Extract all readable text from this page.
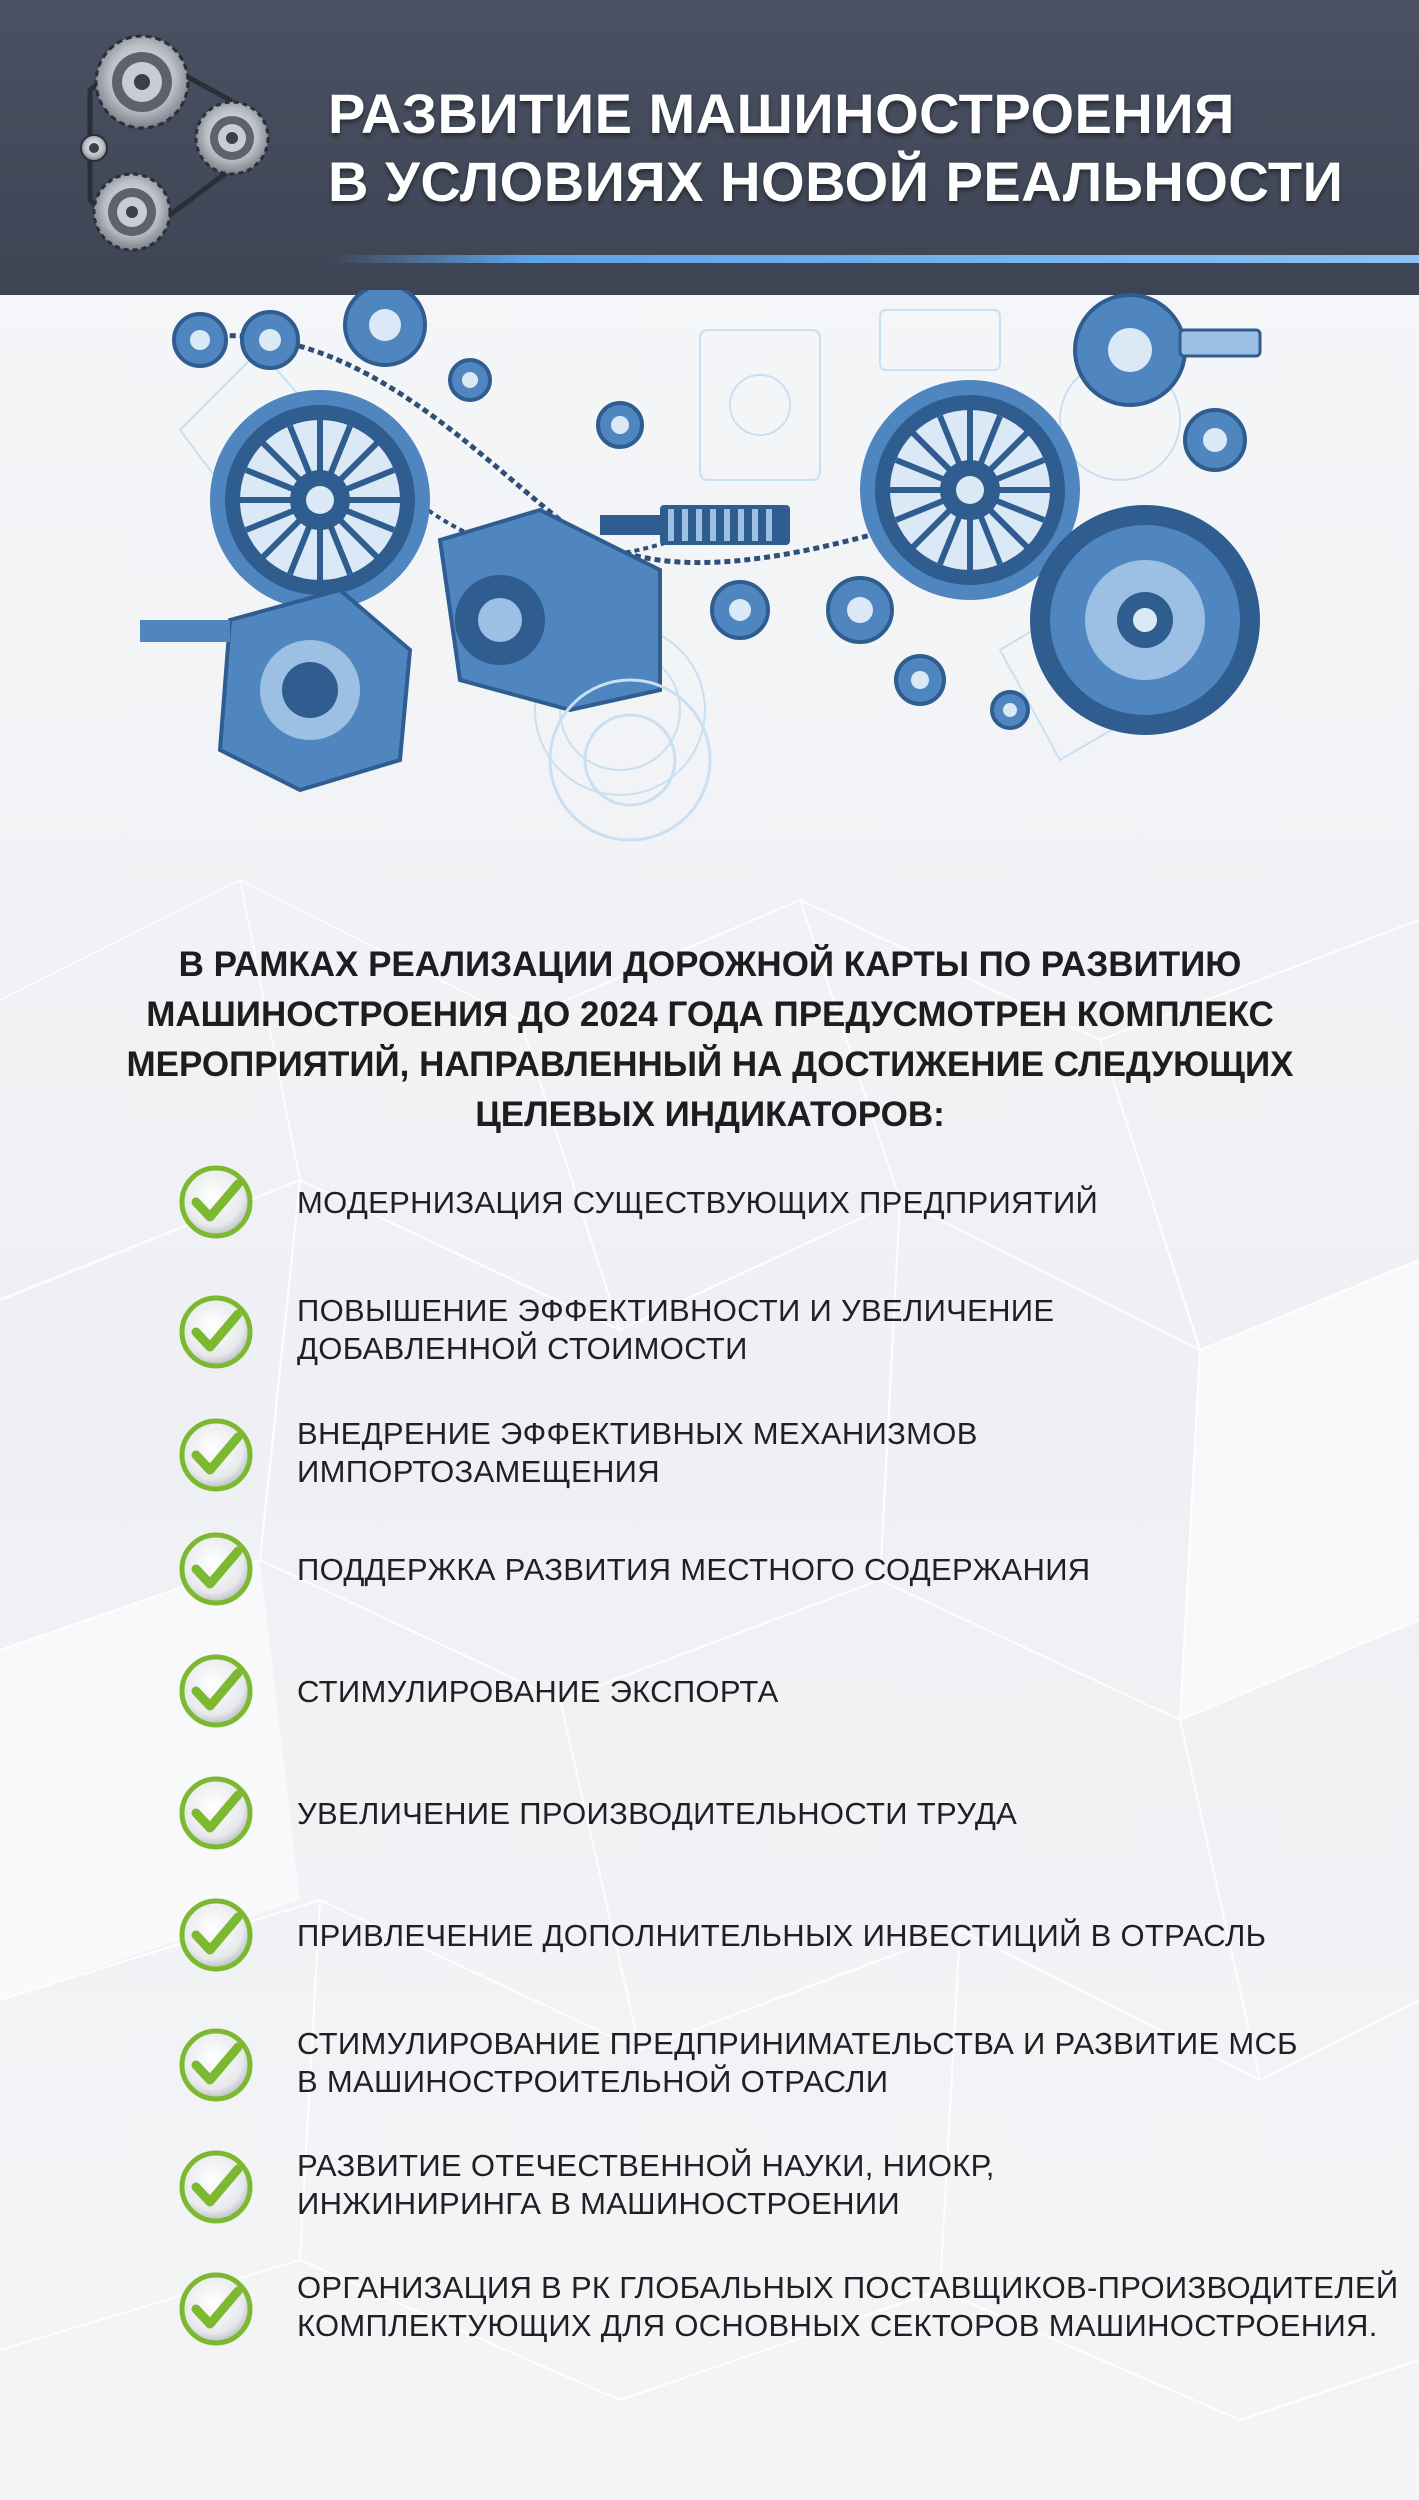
РАЗВИТИЕ МАШИНОСТРОЕНИЯ
В УСЛОВИЯХ НОВОЙ РЕАЛЬНОСТИ

В РАМКАХ РЕАЛИЗАЦИИ ДОРОЖНОЙ КАРТЫ ПО РАЗВИТИЮ
МАШИНОСТРОЕНИЯ ДО 2024 ГОДА ПРЕДУСМОТРЕН КОМПЛЕКС
МЕРОПРИЯТИЙ, НАПРАВЛЕННЫЙ НА ДОСТИЖЕНИЕ СЛЕДУЮЩИХ
ЦЕЛЕВЫХ ИНДИКАТОРОВ:

МОДЕРНИЗАЦИЯ СУЩЕСТВУЮЩИХ ПРЕДПРИЯТИЙ
ПОВЫШЕНИЕ ЭФФЕКТИВНОСТИ И УВЕЛИЧЕНИЕ
ДОБАВЛЕННОЙ СТОИМОСТИ
ВНЕДРЕНИЕ ЭФФЕКТИВНЫХ МЕХАНИЗМОВ
ИМПОРТОЗАМЕЩЕНИЯ
ПОДДЕРЖКА РАЗВИТИЯ МЕСТНОГО СОДЕРЖАНИЯ
СТИМУЛИРОВАНИЕ ЭКСПОРТА
УВЕЛИЧЕНИЕ ПРОИЗВОДИТЕЛЬНОСТИ ТРУДА
ПРИВЛЕЧЕНИЕ ДОПОЛНИТЕЛЬНЫХ ИНВЕСТИЦИЙ В ОТРАСЛЬ
СТИМУЛИРОВАНИЕ ПРЕДПРИНИМАТЕЛЬСТВА И РАЗВИТИЕ МСБ
В МАШИНОСТРОИТЕЛЬНОЙ ОТРАСЛИ
РАЗВИТИЕ ОТЕЧЕСТВЕННОЙ НАУКИ, НИОКР,
ИНЖИНИРИНГА В МАШИНОСТРОЕНИИ
ОРГАНИЗАЦИЯ В РК ГЛОБАЛЬНЫХ ПОСТАВЩИКОВ-ПРОИЗВОДИТЕЛЕЙ
КОМПЛЕКТУЮЩИХ ДЛЯ ОСНОВНЫХ СЕКТОРОВ МАШИНОСТРОЕНИЯ.
